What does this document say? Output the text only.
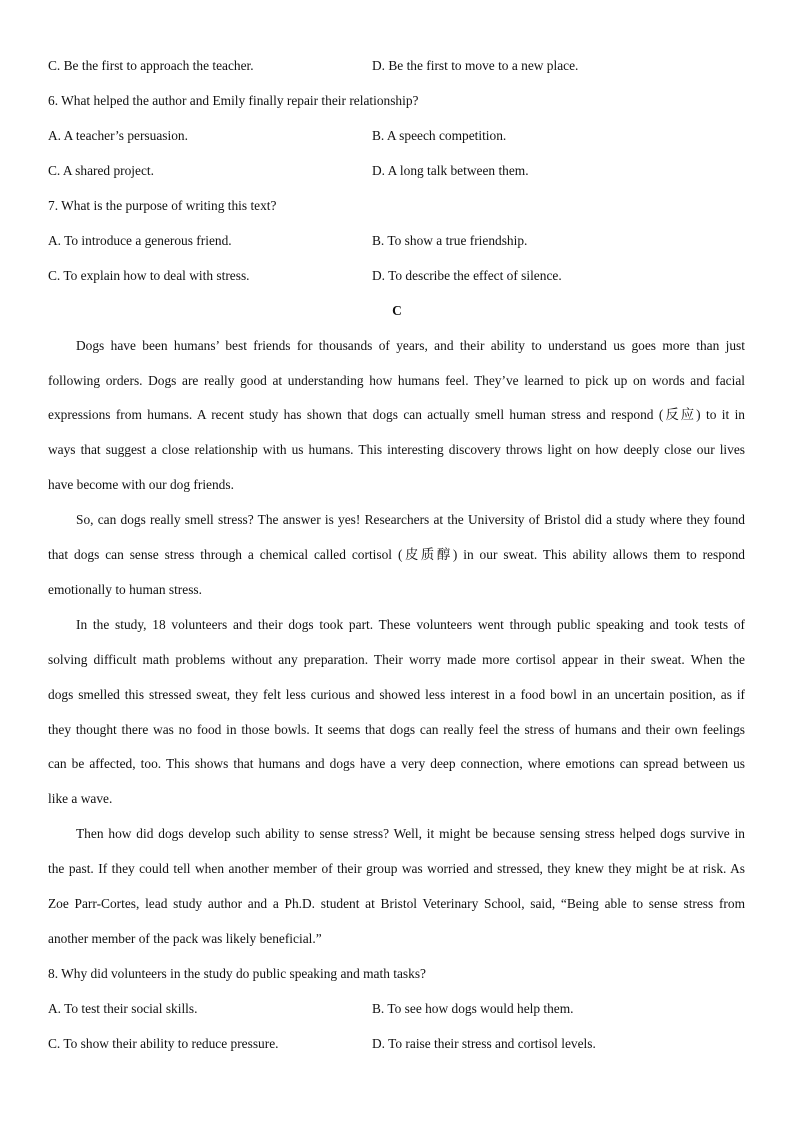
C. Be the first to approach the teacher.	D. Be the first to move to a new place.
6. What helped the author and Emily finally repair their relationship?
A. A teacher’s persuasion.	B. A speech competition.
C. A shared project.	D. A long talk between them.
7. What is the purpose of writing this text?
A. To introduce a generous friend.	B. To show a true friendship.
C. To explain how to deal with stress.	D. To describe the effect of silence.
C
Dogs have been humans’ best friends for thousands of years, and their ability to understand us goes more than just
following orders. Dogs are really good at understanding how humans feel. They’ve learned to pick up on words and facial
expressions from humans. A recent study has shown that dogs can actually smell human stress and respond (反应) to it in
ways that suggest a close relationship with us humans. This interesting discovery throws light on how deeply close our lives
have become with our dog friends.
So, can dogs really smell stress? The answer is yes! Researchers at the University of Bristol did a study where they found
that dogs can sense stress through a chemical called cortisol (皮质醇) in our sweat. This ability allows them to respond
emotionally to human stress.
In the study, 18 volunteers and their dogs took part. These volunteers went through public speaking and took tests of
solving difficult math problems without any preparation. Their worry made more cortisol appear in their sweat. When the
dogs smelled this stressed sweat, they felt less curious and showed less interest in a food bowl in an uncertain position, as if
they thought there was no food in those bowls. It seems that dogs can really feel the stress of humans and their own feelings
can be affected, too. This shows that humans and dogs have a very deep connection, where emotions can spread between us
like a wave.
Then how did dogs develop such ability to sense stress? Well, it might be because sensing stress helped dogs survive in
the past. If they could tell when another member of their group was worried and stressed, they knew they might be at risk. As
Zoe Parr-Cortes, lead study author and a Ph.D. student at Bristol Veterinary School, said, “Being able to sense stress from
another member of the pack was likely beneficial.”
8. Why did volunteers in the study do public speaking and math tasks?
A. To test their social skills.	B. To see how dogs would help them.
C. To show their ability to reduce pressure.	D. To raise their stress and cortisol levels.
